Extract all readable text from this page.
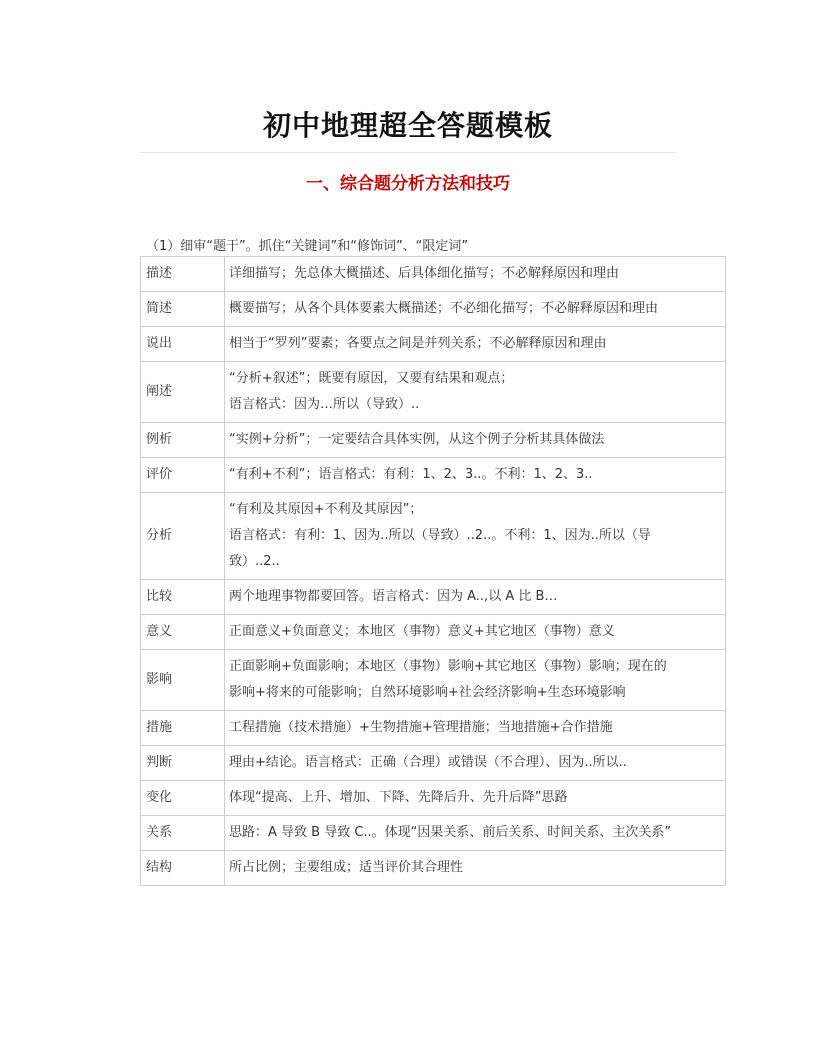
初中地理超全答题模板
一、综合题分析方法和技巧
（1）细审“题干”。抓住“关键词”和“修饰词”、“限定词”
描述	详细描写；先总体大概描述、后具体细化描写；不必解释原因和理由

简述	概要描写；从各个具体要素大概描述；不必细化描写；不必解释原因和理由

说出	相当于“罗列”要素；各要点之间是并列关系；不必解释原因和理由

阐述	“分析+叙述”；既要有原因，又要有结果和观点；
语言格式：因为…所以（导致）..

例析	“实例+分析”；一定要结合具体实例，从这个例子分析其具体做法

评价	“有利+不利”；语言格式：有利：1、2、3..。不利：1、2、3..

分析	“有利及其原因+不利及其原因”；
语言格式：有利：1、因为..所以（导致）..2..。不利：1、因为..所以（导
致）..2..

比较	两个地理事物都要回答。语言格式：因为 A..,以 A 比 B…

意义	正面意义+负面意义；本地区（事物）意义+其它地区（事物）意义

影响	正面影响+负面影响；本地区（事物）影响+其它地区（事物）影响；现在的
影响+将来的可能影响；自然环境影响+社会经济影响+生态环境影响

措施	工程措施（技术措施）+生物措施+管理措施；当地措施+合作措施

判断	理由+结论。语言格式：正确（合理）或错误（不合理）、因为..所以..

变化	体现“提高、上升、增加、下降、先降后升、先升后降”思路

关系	思路：A 导致 B 导致 C..。体现“因果关系、前后关系、时间关系、主次关系”

结构	所占比例；主要组成；适当评价其合理性
